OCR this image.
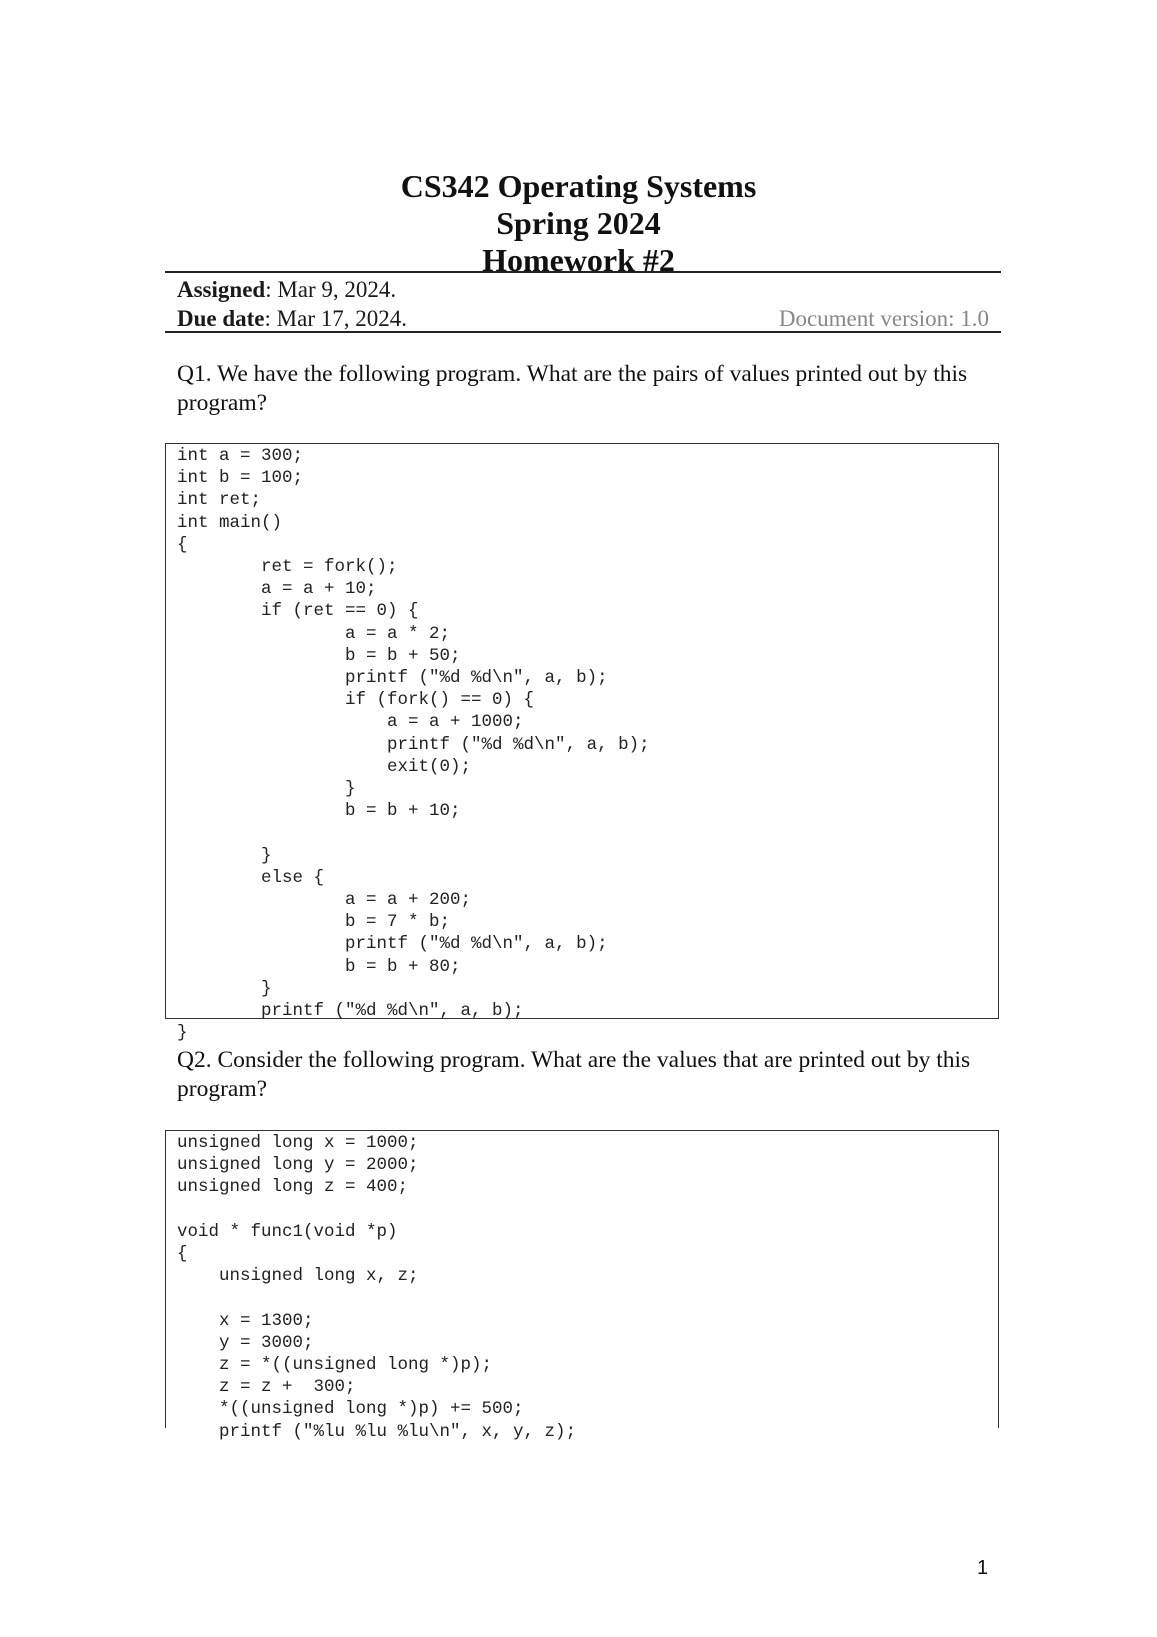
CS342 Operating Systems
Spring 2024
Homework #2
Assigned: Mar 9, 2024.
Due date: Mar 17, 2024.	Document version: 1.0
Q1. We have the following program. What are the pairs of values printed out by this program?
int a = 300;
int b = 100;
int ret;
int main()
{
ret = fork();
a = a + 10;
if (ret == 0) {
a = a * 2;
b = b + 50;
printf ("%d %d\n", a, b);
if (fork() == 0) {
a = a + 1000;
printf ("%d %d\n", a, b);
exit(0);
}
b = b + 10;

}
else {
a = a + 200;
b = 7 * b;
printf ("%d %d\n", a, b);
b = b + 80;
}
printf ("%d %d\n", a, b);
}
Q2. Consider the following program. What are the values that are printed out by this program?
unsigned long x = 1000;
unsigned long y = 2000;
unsigned long z = 400;

void * func1(void *p)
{
unsigned long x, z;

x = 1300;
y = 3000;
z = *((unsigned long *)p);
z = z +  300;
*((unsigned long *)p) += 500;
printf ("%lu %lu %lu\n", x, y, z);
1
